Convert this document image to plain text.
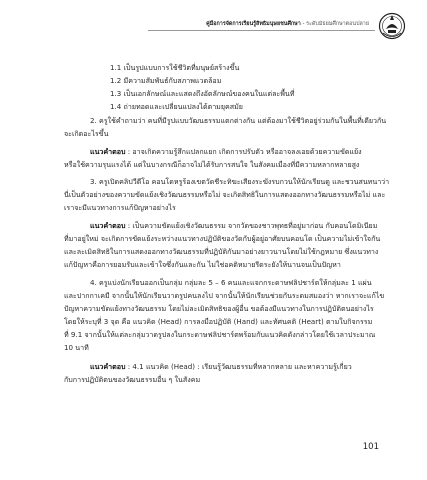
คู่มือการจัดการเรียนรู้สิทธิมนุษยชนศึกษา - ระดับมัธยมศึกษาตอนปลาย
1.1 เป็นรูปแบบการใช้ชีวิตที่มนุษย์สร้างขึ้น
1.2 มีความสัมพันธ์กับสภาพแวดล้อม
1.3 เป็นเอกลักษณ์และแสดงถึงอัตลักษณ์ของคนในแต่ละพื้นที่
1.4 ถ่ายทอดและเปลี่ยนแปลงได้ตามยุคสมัย
2. ครูใช้คำถามว่า คนที่มีรูปแบบวัฒนธรรมแตกต่างกัน แต่ต้องมาใช้ชีวิตอยู่ร่วมกันในพื้นที่เดียวกัน
จะเกิดอะไรขึ้น
แนวคำตอบ : อาจเกิดความรู้สึกแปลกแยก เกิดการปรับตัว หรืออาจลงเอยด้วยความขัดแย้ง
หรือใช้ความรุนแรงได้ แต่ในบางกรณีก็อาจไม่ได้รับการสนใจ ในสังคมเมืองที่มีความหลากหลายสูง
3. ครูเปิดคลิปวีดีโอ คอนโดหรูร้องเขตวัดชีระทิฆะเสียงระฆังรบกวนให้นักเรียนดู และชวนสนทนาว่า
นี่เป็นตัวอย่างของความขัดแย้งเชิงวัฒนธรรมหรือไม่ จะเกิดสิทธิในการแสดงออกทางวัฒนธรรมหรือไม่ และ
เราจะมีแนวทางการแก้ปัญหาอย่างไร
แนวคำตอบ : เป็นความขัดแย้งเชิงวัฒนธรรม จากวัดของชาวพุทธที่อยู่มาก่อน กับคอนโดมิเนียม
ที่มาอยู่ใหม่ จะเกิดการขัดแย้งระหว่างแนวทางปฏิบัติของวัดกับผู้อยู่อาศัยบนคอนโด เป็นความไม่เข้าใจกัน
และละเมิดสิทธิในการแสดงออกทางวัฒนธรรมที่ปฏิบัติกันมาอย่างยาวนานโดยไม่ใช้กฎหมาย ซึ่งแนวทาง
แก้ปัญหาคือการยอมรับและเข้าใจซึ่งกันและกัน ไม่ใช่อคติหมายรีดระยังให้นานจนเป็นปัญหา
4. ครูแบ่งนักเรียนออกเป็นกลุ่ม กลุ่มละ 5 – 6 คนและแจกกระดาษฟลิปชาร์ตให้กลุ่มละ 1 แผ่น
และปากกาเคมี จากนั้นให้นักเรียนวาดรูปคนลงไป จากนั้นให้นักเรียนช่วยกันระดมสมองว่า หากเราจะแก้ไข
ปัญหาความขัดแย้งทางวัฒนธรรม โดยไม่ละเมิดสิทธิของผู้อื่น ขอต้องมีแนวทางในการปฏิบัติตนอย่างไร
โดยให้ระบุที่ 3 จุด คือ แนวคิด (Head) การลงมือปฏิบัติ (Hand) และทัศนคติ (Heart) ตามใบกิจกรรม
ที่ 9.1 จากนั้นให้แต่ละกลุ่มวาดรูปลงในกระดาษฟลิปชาร์ตพร้อมกับแนวคิดดังกล่าวโดยใช้เวลาประมาณ
10 นาที
แนวคำตอบ : 4.1 แนวคิด (Head) : เรียนรู้วัฒนธรรมที่หลากหลาย และหาความรู้เกี่ยว
กับการปฏิบัติตนของวัฒนธรรมอื่น ๆ ในสังคม
101
